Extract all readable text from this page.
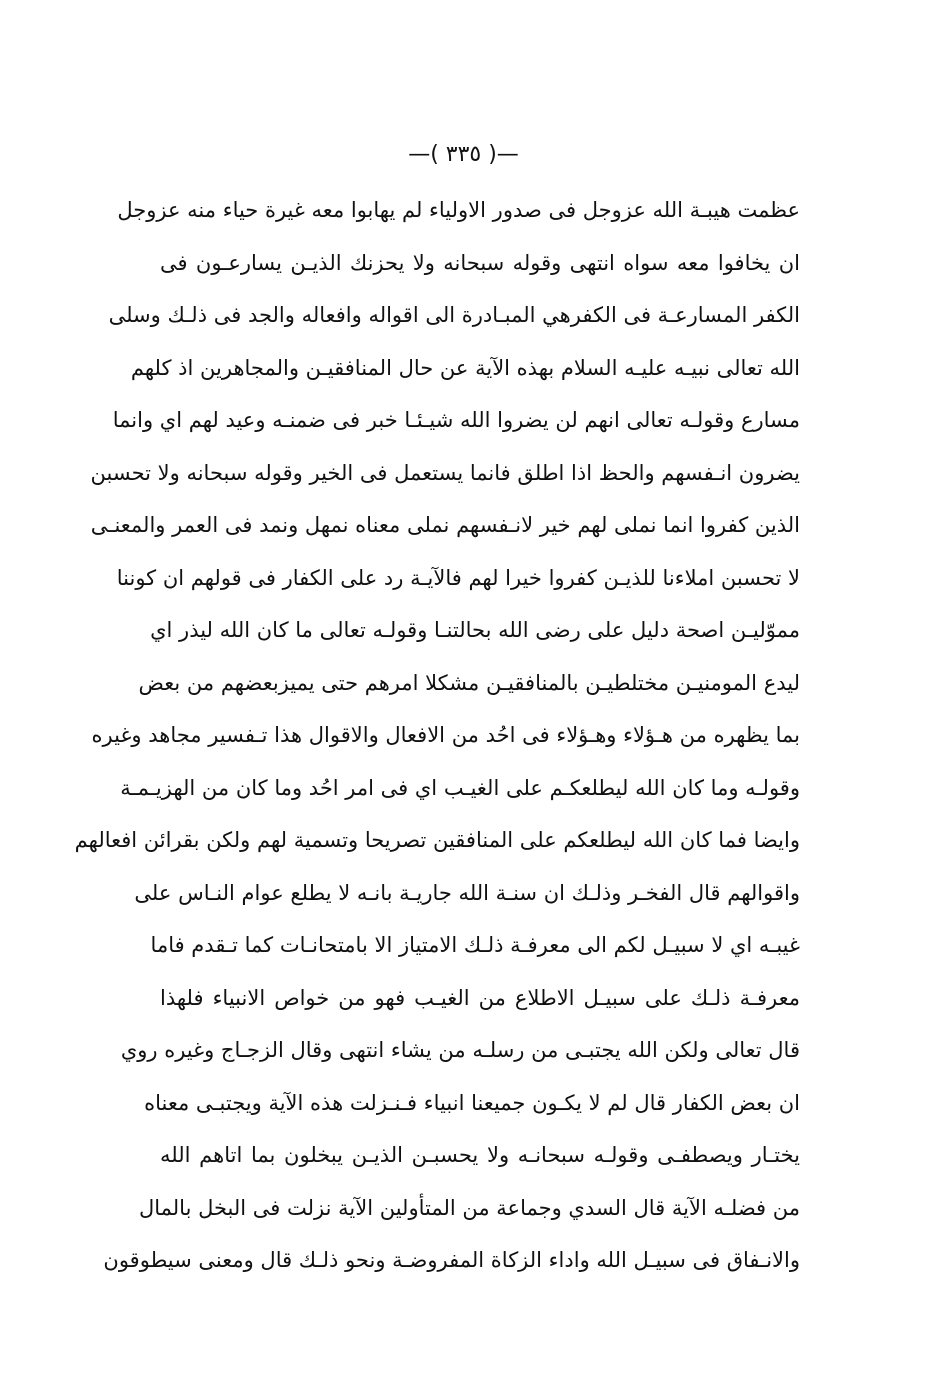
—( ٣٣٥ )—
عظمت هيبـة الله عزوجل فى صدور الاولياء لم يهابوا معه غيرة حياء منه عزوجل
ان يخافوا معه سواه انتهى وقوله سبحانه ولا يحزنك الذيـن يسارعـون فى
الكفر المسارعـة فى الكفرهي المبـادرة الى اقواله وافعاله والجد فى ذلـك وسلى
الله تعالى نبيـه عليـه السلام بهذه الآية عن حال المنافقيـن والمجاهرين اذ كلهم
مسارع وقولـه تعالى انهم لن يضروا الله شيـئـا خبر فى ضمنـه وعيد لهم اي وانما
يضرون انـفسهم والحظ اذا اطلق فانما يستعمل فى الخير وقوله سبحانه ولا تحسبن
الذين كفروا انما نملى لهم خير لانـفسهم نملى معناه نمهل ونمد فى العمر والمعنـى
لا تحسبن املاءنا للذيـن كفروا خيرا لهم فالآيـة رد على الكفار فى قولهم ان كوننا
مموّليـن اصحة دليل على رضى الله بحالتنـا وقولـه تعالى ما كان الله ليذر اي
ليدع المومنيـن مختلطيـن بالمنافقيـن مشكلا امرهم حتى يميزبعضهم من بعض
بما يظهره من هـؤلاء وهـؤلاء فى احُد من الافعال والاقوال هذا تـفسير مجاهد وغيره
وقولـه وما كان الله ليطلعكـم على الغيـب اي فى امر احُد وما كان من الهزيـمـة
وايضا فما كان الله ليطلعكم على المنافقين تصريحا وتسمية لهم ولكن بقرائن افعالهم
واقوالهم قال الفخـر وذلـك ان سنـة الله جاريـة بانـه لا يطلع عوام النـاس على
غيبـه اي لا سبيـل لكم الى معرفـة ذلـك الامتياز الا بامتحانـات كما تـقدم فاما
معرفـة ذلـك على سبيـل الاطلاع من الغيـب فهو من خواص الانبياء فلهذا
قال تعالى ولكن الله يجتبـى من رسلـه من يشاء انتهى وقال الزجـاج وغيره روي
ان بعض الكفار قال لم لا يكـون جميعنا انبياء فـنـزلت هذه الآية ويجتبـى معناه
يختـار ويصطفـى وقولـه سبحانـه ولا يحسبـن الذيـن يبخلون بما اتاهم الله
من فضلـه الآية قال السدي وجماعة من المتأولين الآية نزلت فى البخل بالمال
والانـفاق فى سبيـل الله واداء الزكاة المفروضـة ونحو ذلـك قال ومعنى سيطوقون
